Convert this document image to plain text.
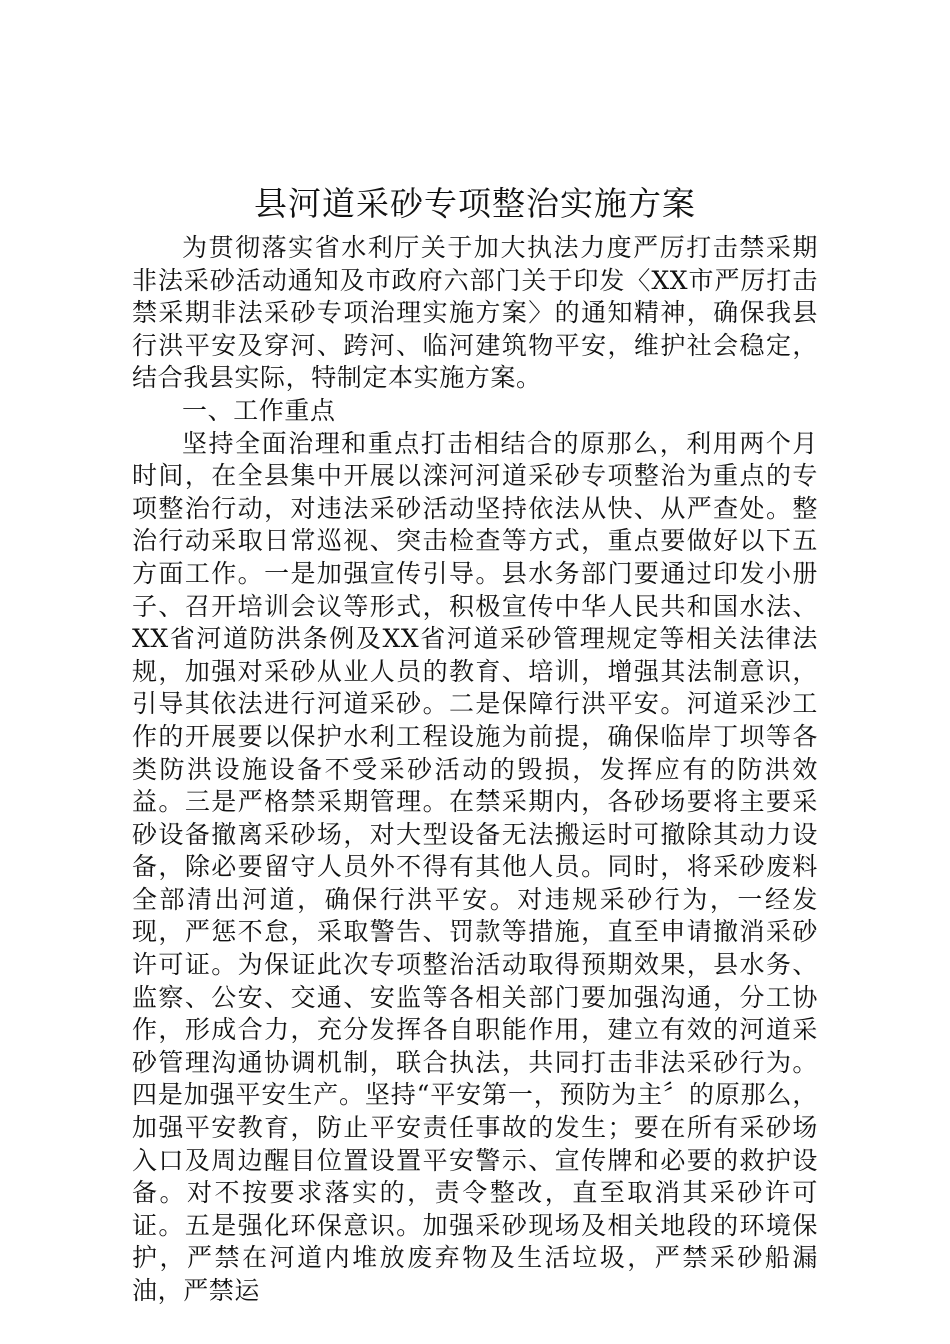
县河道采砂专项整治实施方案

为贯彻落实省水利厅关于加大执法力度严厉打击禁采期非法采砂活动通知及市政府六部门关于印发〈XX市严厉打击禁采期非法采砂专项治理实施方案〉的通知精神，确保我县行洪平安及穿河、跨河、临河建筑物平安，维护社会稳定，结合我县实际，特制定本实施方案。

一、工作重点

坚持全面治理和重点打击相结合的原那么，利用两个月时间，在全县集中开展以滦河河道采砂专项整治为重点的专项整治行动，对违法采砂活动坚持依法从快、从严查处。整治行动采取日常巡视、突击检查等方式，重点要做好以下五方面工作。一是加强宣传引导。县水务部门要通过印发小册子、召开培训会议等形式，积极宣传中华人民共和国水法、XX省河道防洪条例及XX省河道采砂管理规定等相关法律法规，加强对采砂从业人员的教育、培训，增强其法制意识，引导其依法进行河道采砂。二是保障行洪平安。河道采沙工作的开展要以保护水利工程设施为前提，确保临岸丁坝等各类防洪设施设备不受采砂活动的毁损，发挥应有的防洪效益。三是严格禁采期管理。在禁采期内，各砂场要将主要采砂设备撤离采砂场，对大型设备无法搬运时可撤除其动力设备，除必要留守人员外不得有其他人员。同时，将采砂废料全部清出河道，确保行洪平安。对违规采砂行为，一经发现，严惩不怠，采取警告、罚款等措施，直至申请撤消采砂许可证。为保证此次专项整治活动取得预期效果，县水务、监察、公安、交通、安监等各相关部门要加强沟通，分工协作，形成合力，充分发挥各自职能作用，建立有效的河道采砂管理沟通协调机制，联合执法，共同打击非法采砂行为。四是加强平安生产。坚持“平安第一，预防为主〞的原那么，加强平安教育，防止平安责任事故的发生；要在所有采砂场入口及周边醒目位置设置平安警示、宣传牌和必要的救护设备。对不按要求落实的，责令整改，直至取消其采砂许可证。五是强化环保意识。加强采砂现场及相关地段的环境保护，严禁在河道内堆放废弃物及生活垃圾，严禁采砂船漏油，严禁运
